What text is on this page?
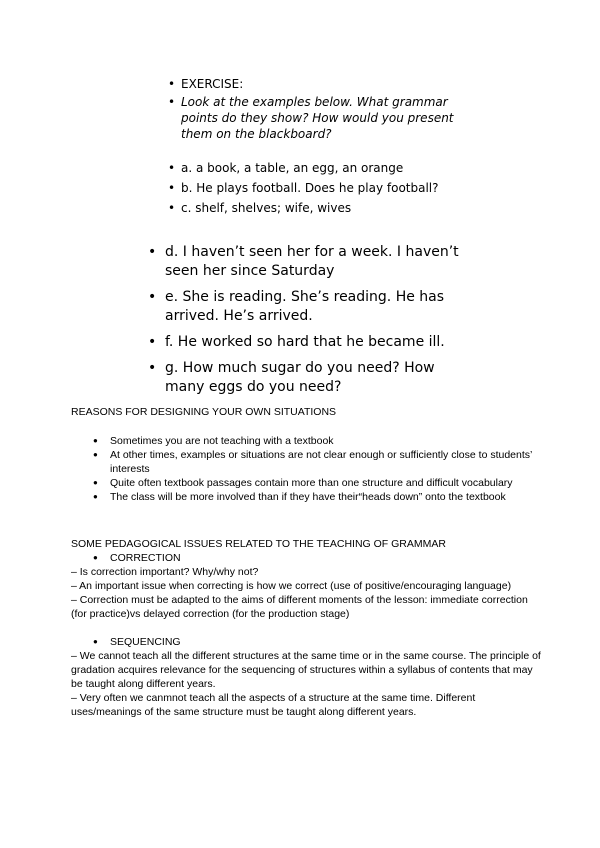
• EXERCISE:
• Look at the examples below. What grammar points do they show? How would you present them on the blackboard?
• a. a book, a table, an egg, an orange
• b. He plays football. Does he play football?
• c. shelf, shelves; wife, wives
• d. I haven’t seen her for a week. I haven’t seen her since Saturday
• e. She is reading. She’s reading. He has arrived. He’s arrived.
• f. He worked so hard that he became ill.
• g. How much sugar do you need? How many eggs do you need?
REASONS FOR DESIGNING YOUR OWN SITUATIONS
● Sometimes you are not teaching with a textbook
● At other times, examples or situations are not clear enough or sufficiently close to students’ interests
● Quite often textbook passages contain more than one structure and difficult vocabulary
● The class will be more involved than if they have their“heads down” onto the textbook
SOME PEDAGOGICAL ISSUES RELATED TO THE TEACHING OF GRAMMAR
● CORRECTION
– Is correction important? Why/why not?
– An important issue when correcting is how we correct (use of positive/encouraging language)
– Correction must be adapted to the aims of different moments of the lesson: immediate correction (for practice)vs delayed correction (for the production stage)
● SEQUENCING
– We cannot teach all the different structures at the same time or in the same course. The principle of gradation acquires relevance for the sequencing of structures within a syllabus of contents that may be taught along different years.
– Very often we canmnot teach all the aspects of a structure at the same time. Different uses/meanings of the same structure must be taught along different years.
